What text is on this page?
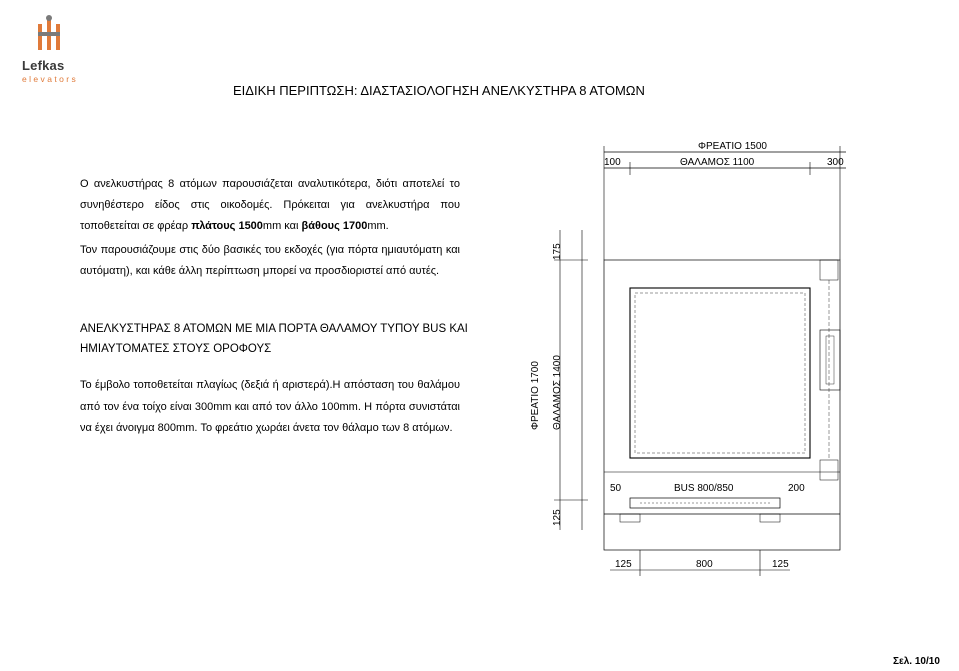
Lefkas
elevators
ΕΙΔΙΚΗ ΠΕΡΙΠΤΩΣΗ: ΔΙΑΣΤΑΣΙΟΛΟΓΗΣΗ ΑΝΕΛΚΥΣΤΗΡΑ 8 ΑΤΟΜΩΝ
Ο ανελκυστήρας 8 ατόμων παρουσιάζεται αναλυτικότερα, διότι αποτελεί το συνηθέστερο είδος στις οικοδομές. Πρόκειται για ανελκυστήρα που τοποθετείται σε φρέαρ πλάτους 1500mm και βάθους 1700mm.
Τον παρουσιάζουμε στις δύο βασικές του εκδοχές (για πόρτα ημιαυτόματη και αυτόματη), και κάθε άλλη περίπτωση μπορεί να προσδιοριστεί από αυτές.
ΑΝΕΛΚΥΣΤΗΡΑΣ 8 ΑΤΟΜΩΝ ΜΕ ΜΙΑ ΠΟΡΤΑ ΘΑΛΑΜΟΥ ΤΥΠΟΥ BUS ΚΑΙ ΗΜΙΑΥΤΟΜΑΤΕΣ ΣΤΟΥΣ ΟΡΟΦΟΥΣ
Το έμβολο τοποθετείται πλαγίως (δεξιά ή αριστερά).Η απόσταση του θαλάμου από τον ένα τοίχο είναι 300mm και από τον άλλο 100mm. Η πόρτα συνιστάται να έχει άνοιγμα 800mm. Το φρεάτιο χωράει άνετα τον θάλαμο των 8 ατόμων.
ΦΡΕΑΤΙΟ 1500
100	ΘΑΛΑΜΟΣ 1100	300
175
ΦΡΕΑΤΙΟ 1700 ΘΑΛΑΜΟΣ 1400
125
50	BUS 800/850	200
125	800	125
Σελ. 10/10
